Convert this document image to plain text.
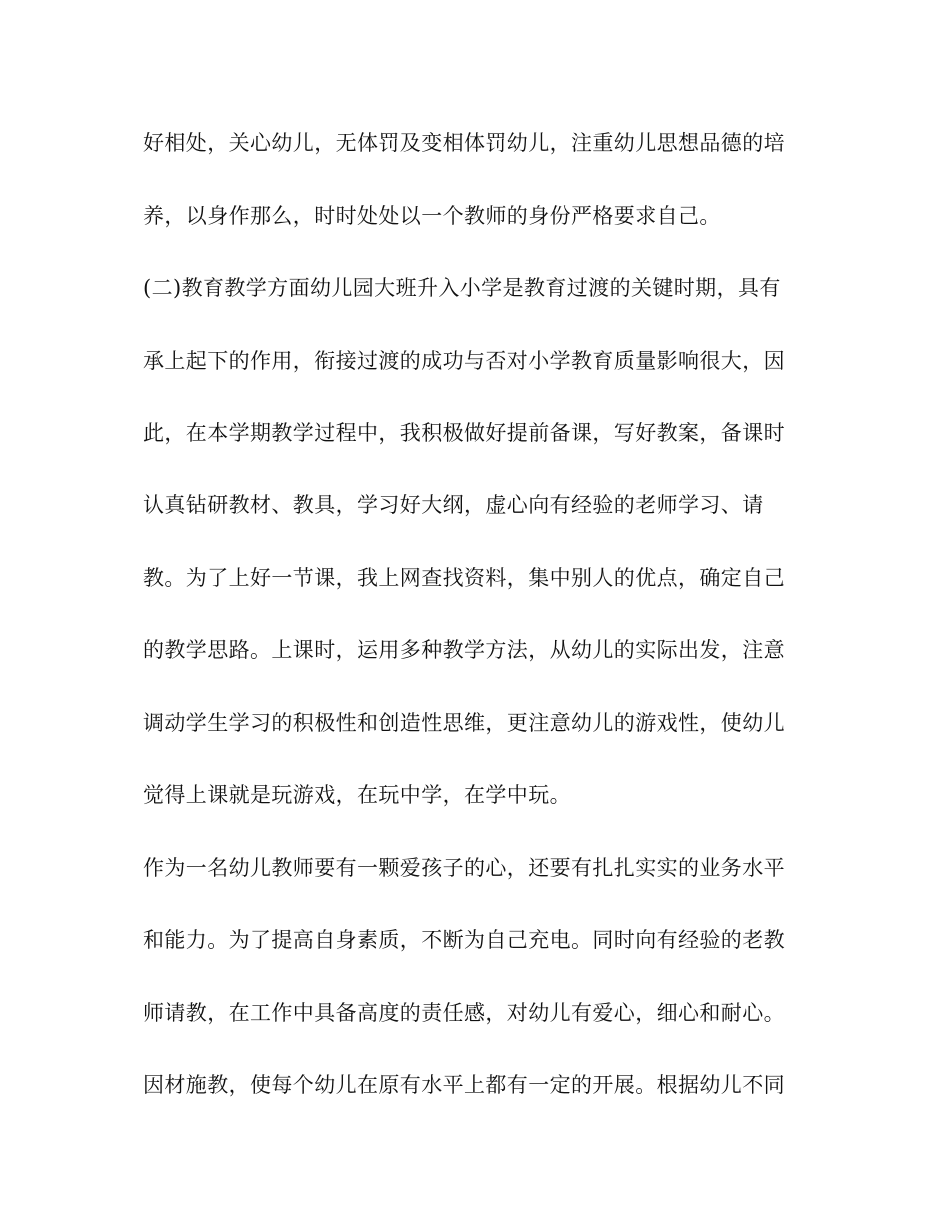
好相处，关心幼儿，无体罚及变相体罚幼儿，注重幼儿思想品德的培
养，以身作那么，时时处处以一个教师的身份严格要求自己。
(二)教育教学方面幼儿园大班升入小学是教育过渡的关键时期，具有
承上起下的作用，衔接过渡的成功与否对小学教育质量影响很大，因
此，在本学期教学过程中，我积极做好提前备课，写好教案，备课时
认真钻研教材、教具，学习好大纲，虚心向有经验的老师学习、请
教。为了上好一节课，我上网查找资料，集中别人的优点，确定自己
的教学思路。上课时，运用多种教学方法，从幼儿的实际出发，注意
调动学生学习的积极性和创造性思维，更注意幼儿的游戏性，使幼儿
觉得上课就是玩游戏，在玩中学，在学中玩。
作为一名幼儿教师要有一颗爱孩子的心，还要有扎扎实实的业务水平
和能力。为了提高自身素质，不断为自己充电。同时向有经验的老教
师请教，在工作中具备高度的责任感，对幼儿有爱心，细心和耐心。
因材施教，使每个幼儿在原有水平上都有一定的开展。根据幼儿不同
